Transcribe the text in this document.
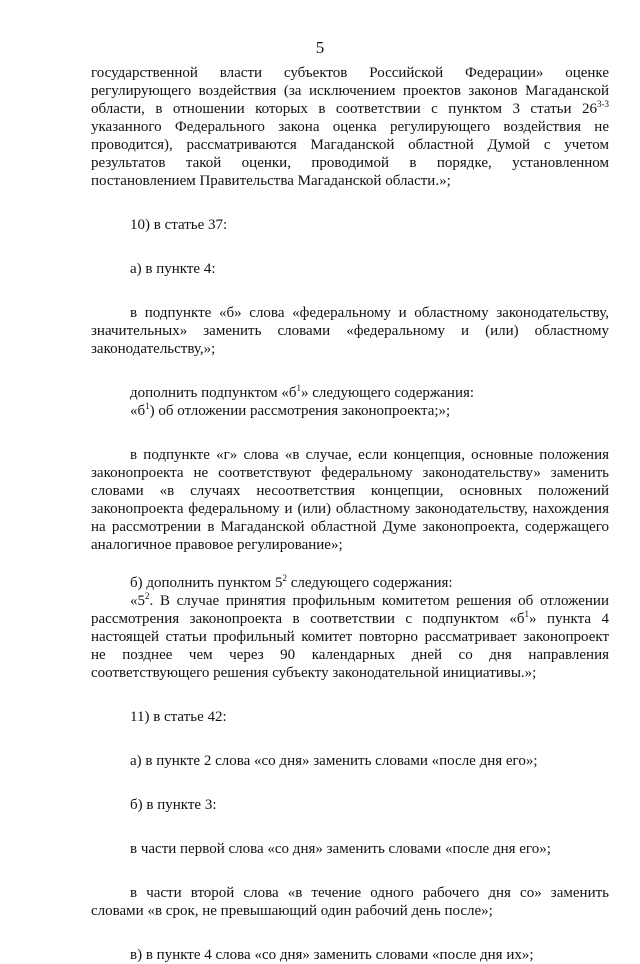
5

государственной власти субъектов Российской Федерации» оценке регулирующего воздействия (за исключением проектов законов Магаданской области, в отношении которых в соответствии с пунктом 3 статьи 26$^{3-3}$ указанного Федерального закона оценка регулирующего воздействия не проводится), рассматриваются Магаданской областной Думой с учетом результатов такой оценки, проводимой в порядке, установленном постановлением Правительства Магаданской области.»;

10) в статье 37:

а) в пункте 4:

в подпункте «б» слова «федеральному и областному законодательству, значительных» заменить словами «федеральному и (или) областному законодательству,»;

дополнить подпунктом «$б^1$» следующего содержания:

«$б^1$) об отложении рассмотрения законопроекта;»;

в подпункте «г» слова «в случае, если концепция, основные положения законопроекта не соответствуют федеральному законодательству» заменить словами «в случаях несоответствия концепции, основных положений законопроекта федеральному и (или) областному законодательству, нахождения на рассмотрении в Магаданской областной Думе законопроекта, содержащего аналогичное правовое регулирование»;

б) дополнить пунктом $5^2$ следующего содержания:

«$5^2$. В случае принятия профильным комитетом решения об отложении рассмотрения законопроекта в соответствии с подпунктом «$б^1$» пункта 4 настоящей статьи профильный комитет повторно рассматривает законопроект не позднее чем через 90 календарных дней со дня направления соответствующего решения субъекту законодательной инициативы.»;

11) в статье 42:

а) в пункте 2 слова «со дня» заменить словами «после дня его»;

б) в пункте 3:

в части первой слова «со дня» заменить словами «после дня его»;

в части второй слова «в течение одного рабочего дня со» заменить словами «в срок, не превышающий один рабочий день после»;

в) в пункте 4 слова «со дня» заменить словами «после дня их»;
